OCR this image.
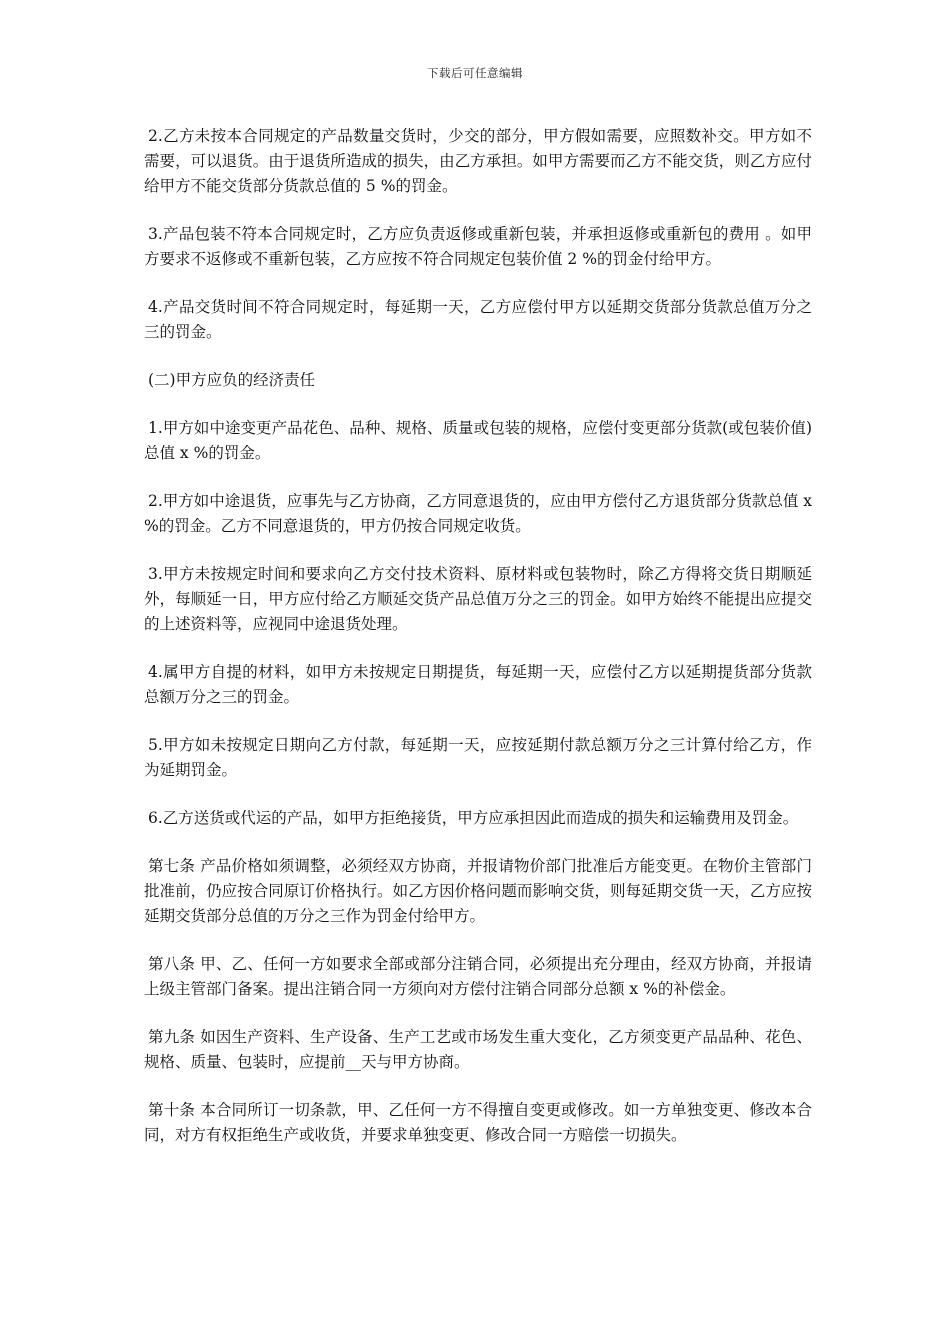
下载后可任意编辑

2.乙方未按本合同规定的产品数量交货时，少交的部分，甲方假如需要，应照数补交。甲方如不需要，可以退货。由于退货所造成的损失，由乙方承担。如甲方需要而乙方不能交货，则乙方应付给甲方不能交货部分货款总值的 5 %的罚金。

3.产品包装不符本合同规定时，乙方应负责返修或重新包装，并承担返修或重新包的费用 。如甲方要求不返修或不重新包装，乙方应按不符合同规定包装价值 2 %的罚金付给甲方。

4.产品交货时间不符合同规定时，每延期一天，乙方应偿付甲方以延期交货部分货款总值万分之三的罚金。

(二)甲方应负的经济责任

1.甲方如中途变更产品花色、品种、规格、质量或包装的规格，应偿付变更部分货款(或包装价值)总值 x %的罚金。

2.甲方如中途退货，应事先与乙方协商，乙方同意退货的，应由甲方偿付乙方退货部分货款总值 x %的罚金。乙方不同意退货的，甲方仍按合同规定收货。

3.甲方未按规定时间和要求向乙方交付技术资料、原材料或包装物时，除乙方得将交货日期顺延外，每顺延一日，甲方应付给乙方顺延交货产品总值万分之三的罚金。如甲方始终不能提出应提交的上述资料等，应视同中途退货处理。

4.属甲方自提的材料，如甲方未按规定日期提货，每延期一天，应偿付乙方以延期提货部分货款总额万分之三的罚金。

5.甲方如未按规定日期向乙方付款，每延期一天，应按延期付款总额万分之三计算付给乙方，作为延期罚金。

6.乙方送货或代运的产品，如甲方拒绝接货，甲方应承担因此而造成的损失和运输费用及罚金。

第七条 产品价格如须调整，必须经双方协商，并报请物价部门批准后方能变更。在物价主管部门批准前，仍应按合同原订价格执行。如乙方因价格问题而影响交货，则每延期交货一天，乙方应按延期交货部分总值的万分之三作为罚金付给甲方。

第八条 甲、乙、任何一方如要求全部或部分注销合同，必须提出充分理由，经双方协商，并报请上级主管部门备案。提出注销合同一方须向对方偿付注销合同部分总额 x %的补偿金。

第九条 如因生产资料、生产设备、生产工艺或市场发生重大变化，乙方须变更产品品种、花色、规格、质量、包装时，应提前__天与甲方协商。

第十条 本合同所订一切条款，甲、乙任何一方不得擅自变更或修改。如一方单独变更、修改本合同，对方有权拒绝生产或收货，并要求单独变更、修改合同一方赔偿一切损失。
